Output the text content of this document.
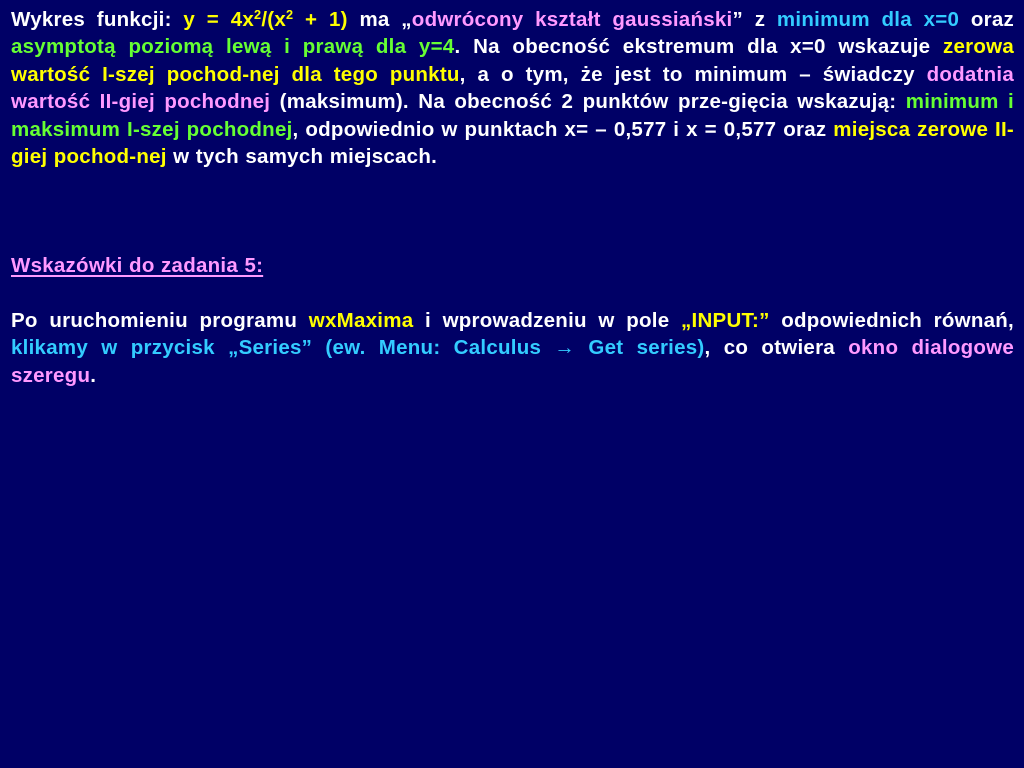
Wykres funkcji: $y = 4x^2/(x^2 + 1)$ ma „odwrócony kształt gaussiański” z minimum dla x=0 oraz asymptotą poziomą lewą i prawą dla y=4. Na obecność ekstremum dla x=0 wskazuje zerowa wartość I-szej pochod-nej dla tego punktu, a o tym, że jest to minimum – świadczy dodatnia wartość II-giej pochodnej (maksimum). Na obecność 2 punktów prze-gięcia wskazują: minimum i maksimum I-szej pochodnej, odpowiednio w punktach x= – 0,577 i x = 0,577 oraz miejsca zerowe II-giej pochod-nej w tych samych miejscach.

Wskazówki do zadania 5:

Po uruchomieniu programu wxMaxima i wprowadzeniu w pole „INPUT:” odpowiednich równań, klikamy w przycisk „Series” (ew. Menu: Calculus → Get series), co otwiera okno dialogowe szeregu.
